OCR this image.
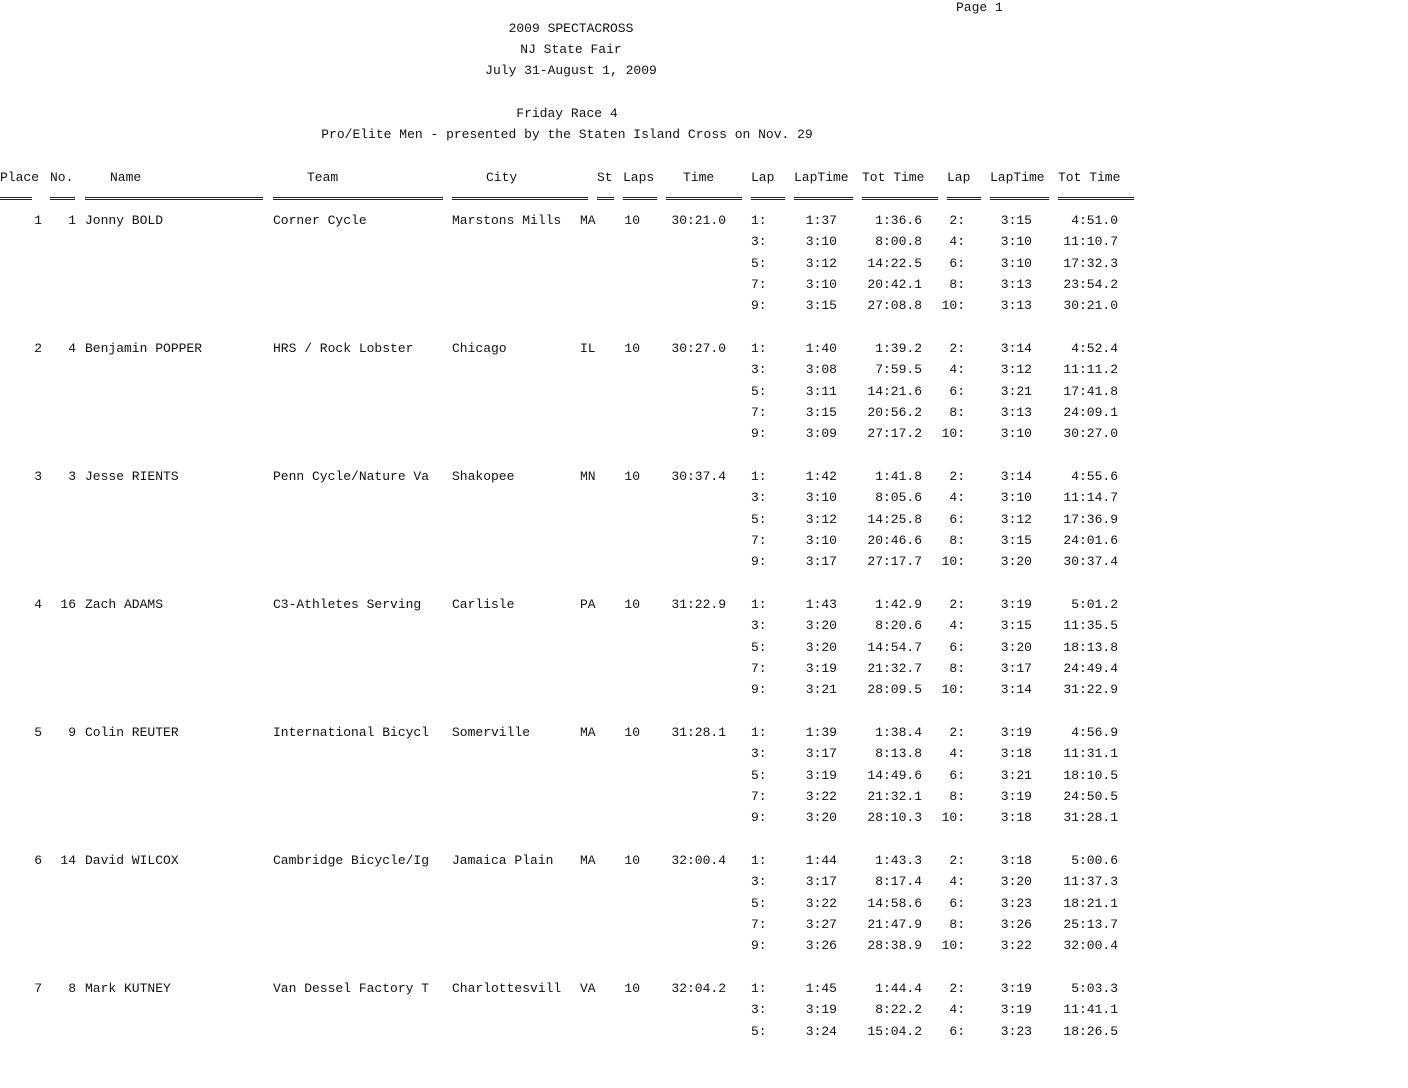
Page 1
2009 SPECTACROSS
NJ State Fair
July 31-August 1, 2009
Friday Race 4
Pro/Elite Men - presented by the Staten Island Cross on Nov. 29
Place No.	Name	Team	City	St Laps Time	Lap LapTime Tot Time Lap LapTime Tot Time
1	1 Jonny BOLD	Corner Cycle	Marstons Mills	MA	10	30:21.0 1:	1:37	1:36.6	2:	3:15	4:51.0
3:	3:10	8:00.8	4:	3:10	11:10.7
5:	3:12	14:22.5	6:	3:10	17:32.3
7:	3:10	20:42.1	8:	3:13	23:54.2
9:	3:15	27:08.8 10:	3:13	30:21.0
2	4 Benjamin POPPER	HRS / Rock Lobster	Chicago	IL	10	30:27.0 1:	1:40	1:39.2	2:	3:14	4:52.4
3:	3:08	7:59.5	4:	3:12	11:11.2
5:	3:11	14:21.6	6:	3:21	17:41.8
7:	3:15	20:56.2	8:	3:13	24:09.1
9:	3:09	27:17.2 10:	3:10	30:27.0
3	3 Jesse RIENTS	Penn Cycle/Nature Va	Shakopee	MN	10	30:37.4 1:	1:42	1:41.8	2:	3:14	4:55.6
3:	3:10	8:05.6	4:	3:10	11:14.7
5:	3:12	14:25.8	6:	3:12	17:36.9
7:	3:10	20:46.6	8:	3:15	24:01.6
9:	3:17	27:17.7 10:	3:20	30:37.4
4	16 Zach ADAMS	C3-Athletes Serving	Carlisle	PA	10	31:22.9 1:	1:43	1:42.9	2:	3:19	5:01.2
3:	3:20	8:20.6	4:	3:15	11:35.5
5:	3:20	14:54.7	6:	3:20	18:13.8
7:	3:19	21:32.7	8:	3:17	24:49.4
9:	3:21	28:09.5 10:	3:14	31:22.9
5	9 Colin REUTER	International Bicycl	Somerville	MA	10	31:28.1 1:	1:39	1:38.4	2:	3:19	4:56.9
3:	3:17	8:13.8	4:	3:18	11:31.1
5:	3:19	14:49.6	6:	3:21	18:10.5
7:	3:22	21:32.1	8:	3:19	24:50.5
9:	3:20	28:10.3 10:	3:18	31:28.1
6	14 David WILCOX	Cambridge Bicycle/Ig	Jamaica Plain	MA	10	32:00.4 1:	1:44	1:43.3	2:	3:18	5:00.6
3:	3:17	8:17.4	4:	3:20	11:37.3
5:	3:22	14:58.6	6:	3:23	18:21.1
7:	3:27	21:47.9	8:	3:26	25:13.7
9:	3:26	28:38.9 10:	3:22	32:00.4
7	8 Mark KUTNEY	Van Dessel Factory T	Charlottesvill	VA	10	32:04.2 1:	1:45	1:44.4	2:	3:19	5:03.3
3:	3:19	8:22.2	4:	3:19	11:41.1
5:	3:24	15:04.2	6:	3:23	18:26.5
